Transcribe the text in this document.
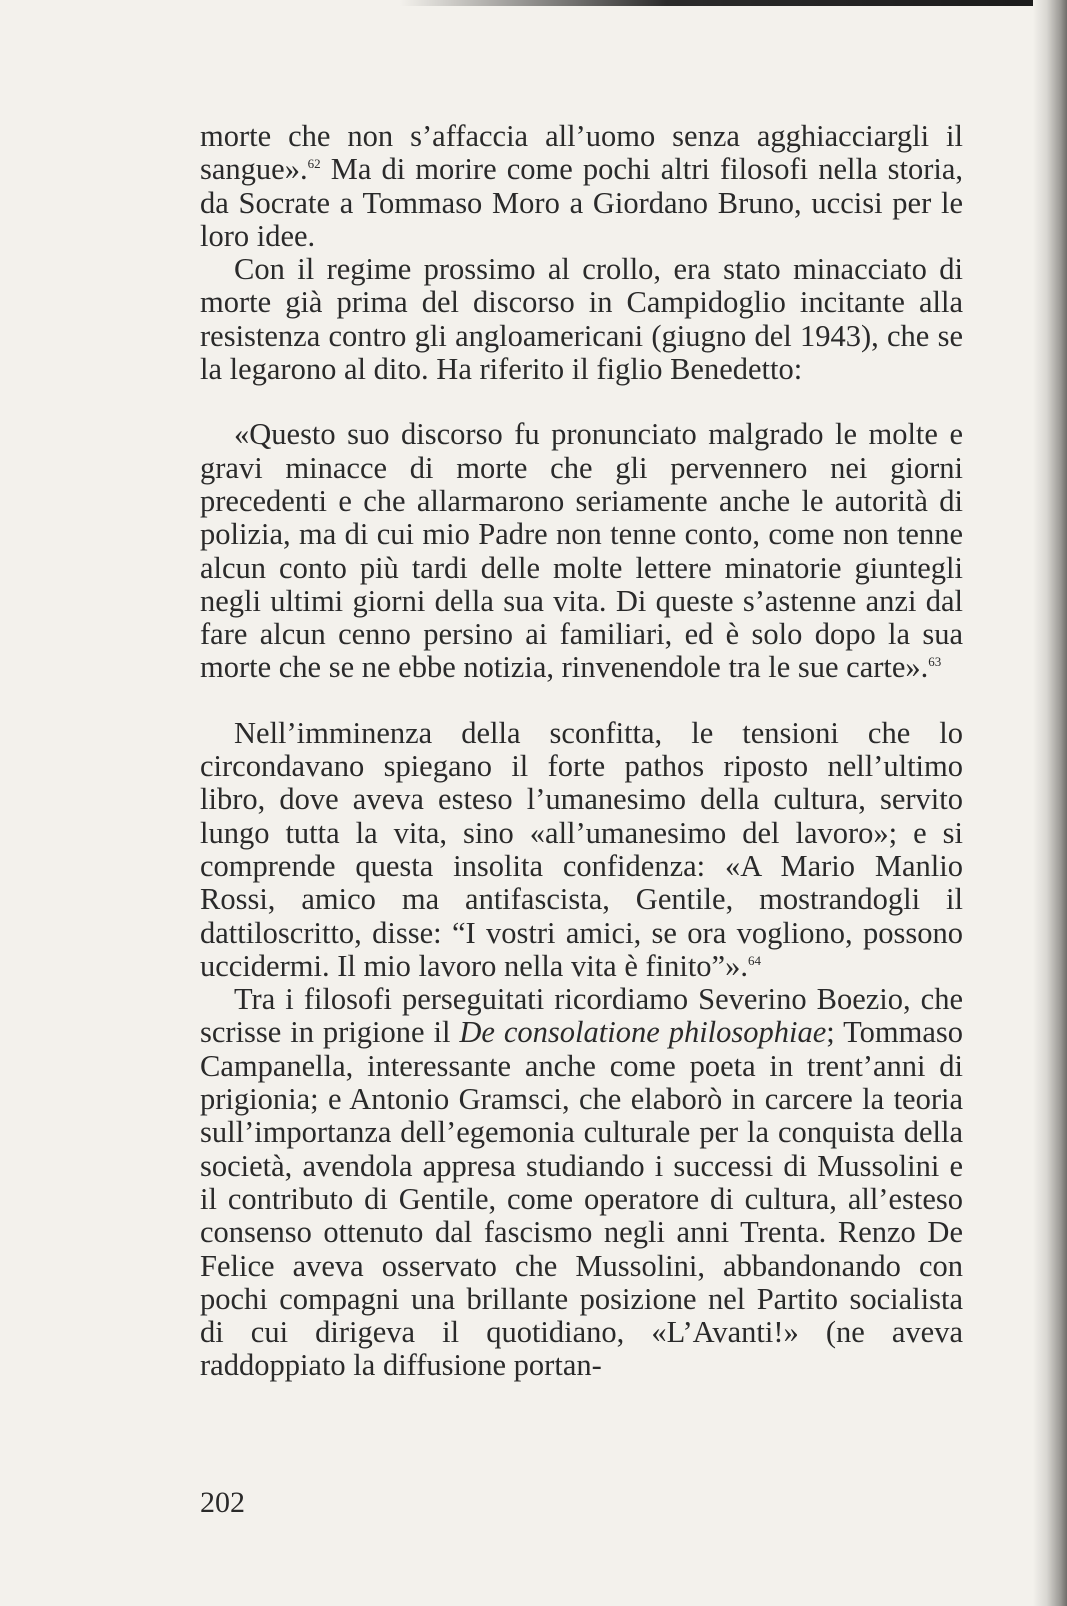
morte che non s’affaccia all’uomo senza agghiacciargli il sangue».$^{62}$ Ma di morire come pochi altri filosofi nella storia, da Socrate a Tommaso Moro a Giordano Bruno, uccisi per le loro idee.

Con il regime prossimo al crollo, era stato minacciato di morte già prima del discorso in Campidoglio incitante alla resistenza contro gli angloamericani (giugno del 1943), che se la legarono al dito. Ha riferito il figlio Benedetto:

«Questo suo discorso fu pronunciato malgrado le molte e gravi minacce di morte che gli pervennero nei giorni precedenti e che allarmarono seriamente anche le autorità di polizia, ma di cui mio Padre non tenne conto, come non tenne alcun conto più tardi delle molte lettere minatorie giuntegli negli ultimi giorni della sua vita. Di queste s’astenne anzi dal fare alcun cenno persino ai familiari, ed è solo dopo la sua morte che se ne ebbe notizia, rinvenendole tra le sue carte».$^{63}$

Nell’imminenza della sconfitta, le tensioni che lo circondavano spiegano il forte pathos riposto nell’ultimo libro, dove aveva esteso l’umanesimo della cultura, servito lungo tutta la vita, sino «all’umanesimo del lavoro»; e si comprende questa insolita confidenza: «A Mario Manlio Rossi, amico ma antifascista, Gentile, mostrandogli il dattiloscritto, disse: “I vostri amici, se ora vogliono, possono uccidermi. Il mio lavoro nella vita è finito”».$^{64}$

Tra i filosofi perseguitati ricordiamo Severino Boezio, che scrisse in prigione il De consolatione philosophiae; Tommaso Campanella, interessante anche come poeta in trent’anni di prigionia; e Antonio Gramsci, che elaborò in carcere la teoria sull’importanza dell’egemonia culturale per la conquista della società, avendola appresa studiando i successi di Mussolini e il contributo di Gentile, come operatore di cultura, all’esteso consenso ottenuto dal fascismo negli anni Trenta. Renzo De Felice aveva osservato che Mussolini, abbandonando con pochi compagni una brillante posizione nel Partito socialista di cui dirigeva il quotidiano, «L’Avanti!» (ne aveva raddoppiato la diffusione portan-

202
